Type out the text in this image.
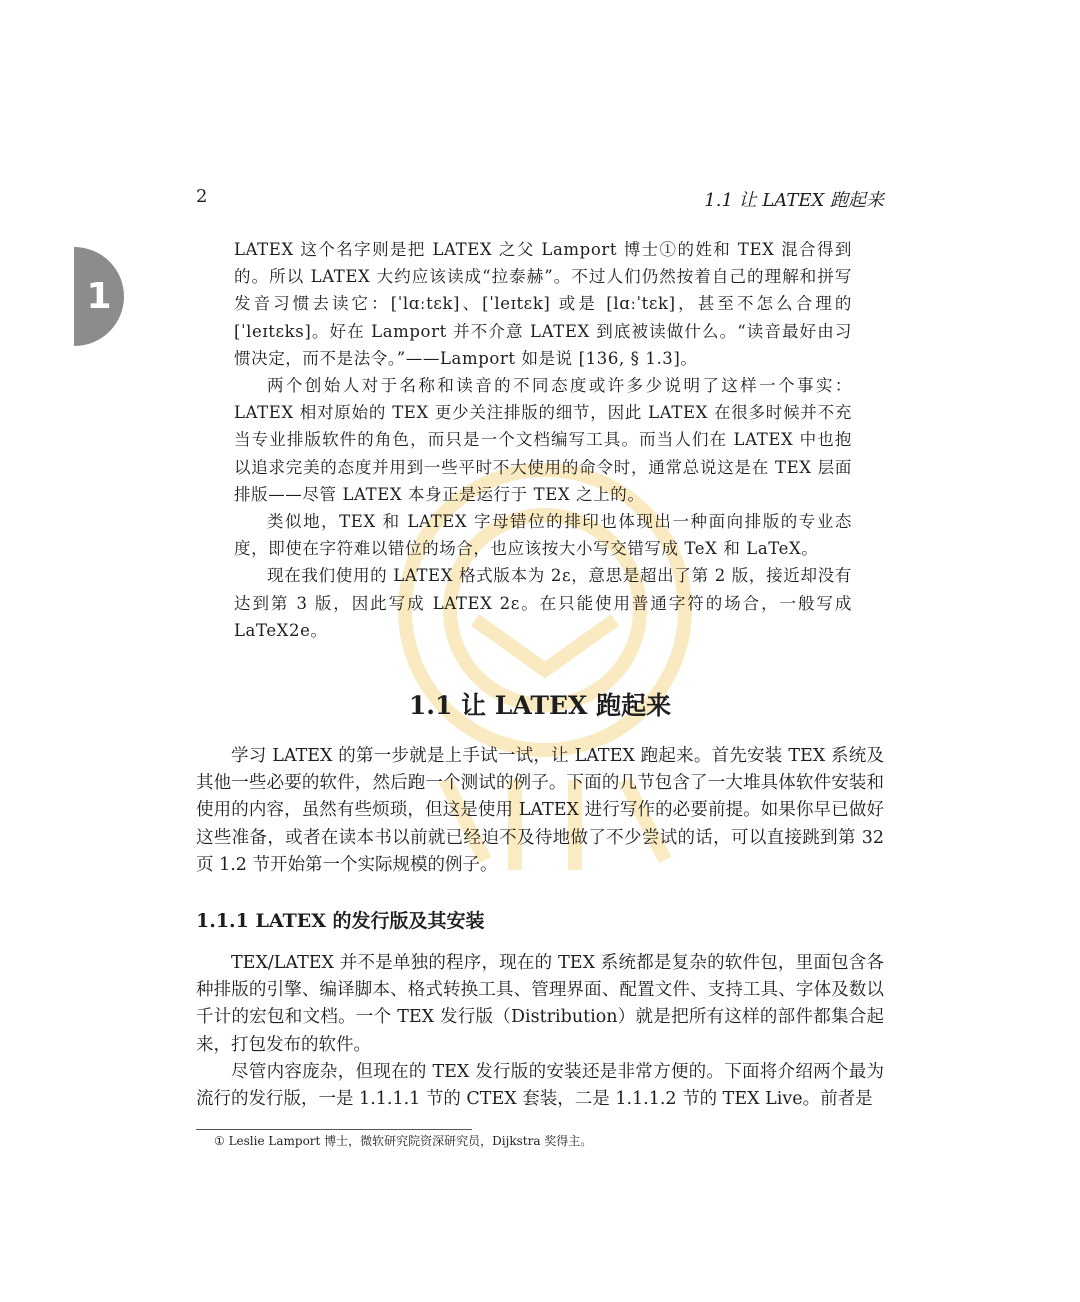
2	1.1 让 LATEX 跑起来
1

LATEX 这个名字则是把 LATEX 之父 Lamport 博士①的姓和 TEX 混合得到的。所以 LATEX 大约应该读成“拉泰赫”。不过人们仍然按着自己的理解和拼写发音习惯去读它：[ˈlɑːtɛk]、[ˈleɪtɛk] 或是 [lɑːˈtɛk]，甚至不怎么合理的 [ˈleɪtɛks]。好在 Lamport 并不介意 LATEX 到底被读做什么。“读音最好由习惯决定，而不是法令。”——Lamport 如是说 [136, § 1.3]。

两个创始人对于名称和读音的不同态度或许多少说明了这样一个事实：LATEX 相对原始的 TEX 更少关注排版的细节，因此 LATEX 在很多时候并不充当专业排版软件的角色，而只是一个文档编写工具。而当人们在 LATEX 中也抱以追求完美的态度并用到一些平时不大使用的命令时，通常总说这是在 TEX 层面排版——尽管 LATEX 本身正是运行于 TEX 之上的。

类似地，TEX 和 LATEX 字母错位的排印也体现出一种面向排版的专业态度，即使在字符难以错位的场合，也应该按大小写交错写成 TeX 和 LaTeX。

现在我们使用的 LATEX 格式版本为 2ε，意思是超出了第 2 版，接近却没有达到第 3 版，因此写成 LATEX 2ε。在只能使用普通字符的场合，一般写成 LaTeX2e。

1.1 让 LATEX 跑起来

学习 LATEX 的第一步就是上手试一试，让 LATEX 跑起来。首先安装 TEX 系统及其他一些必要的软件，然后跑一个测试的例子。下面的几节包含了一大堆具体软件安装和使用的内容，虽然有些烦琐，但这是使用 LATEX 进行写作的必要前提。如果你早已做好这些准备，或者在读本书以前就已经迫不及待地做了不少尝试的话，可以直接跳到第 32 页 1.2 节开始第一个实际规模的例子。

1.1.1 LATEX 的发行版及其安装

TEX/LATEX 并不是单独的程序，现在的 TEX 系统都是复杂的软件包，里面包含各种排版的引擎、编译脚本、格式转换工具、管理界面、配置文件、支持工具、字体及数以千计的宏包和文档。一个 TEX 发行版（Distribution）就是把所有这样的部件都集合起来，打包发布的软件。

尽管内容庞杂，但现在的 TEX 发行版的安装还是非常方便的。下面将介绍两个最为流行的发行版，一是 1.1.1.1 节的 CTEX 套装，二是 1.1.1.2 节的 TEX Live。前者是

① Leslie Lamport 博士，微软研究院资深研究员，Dijkstra 奖得主。
